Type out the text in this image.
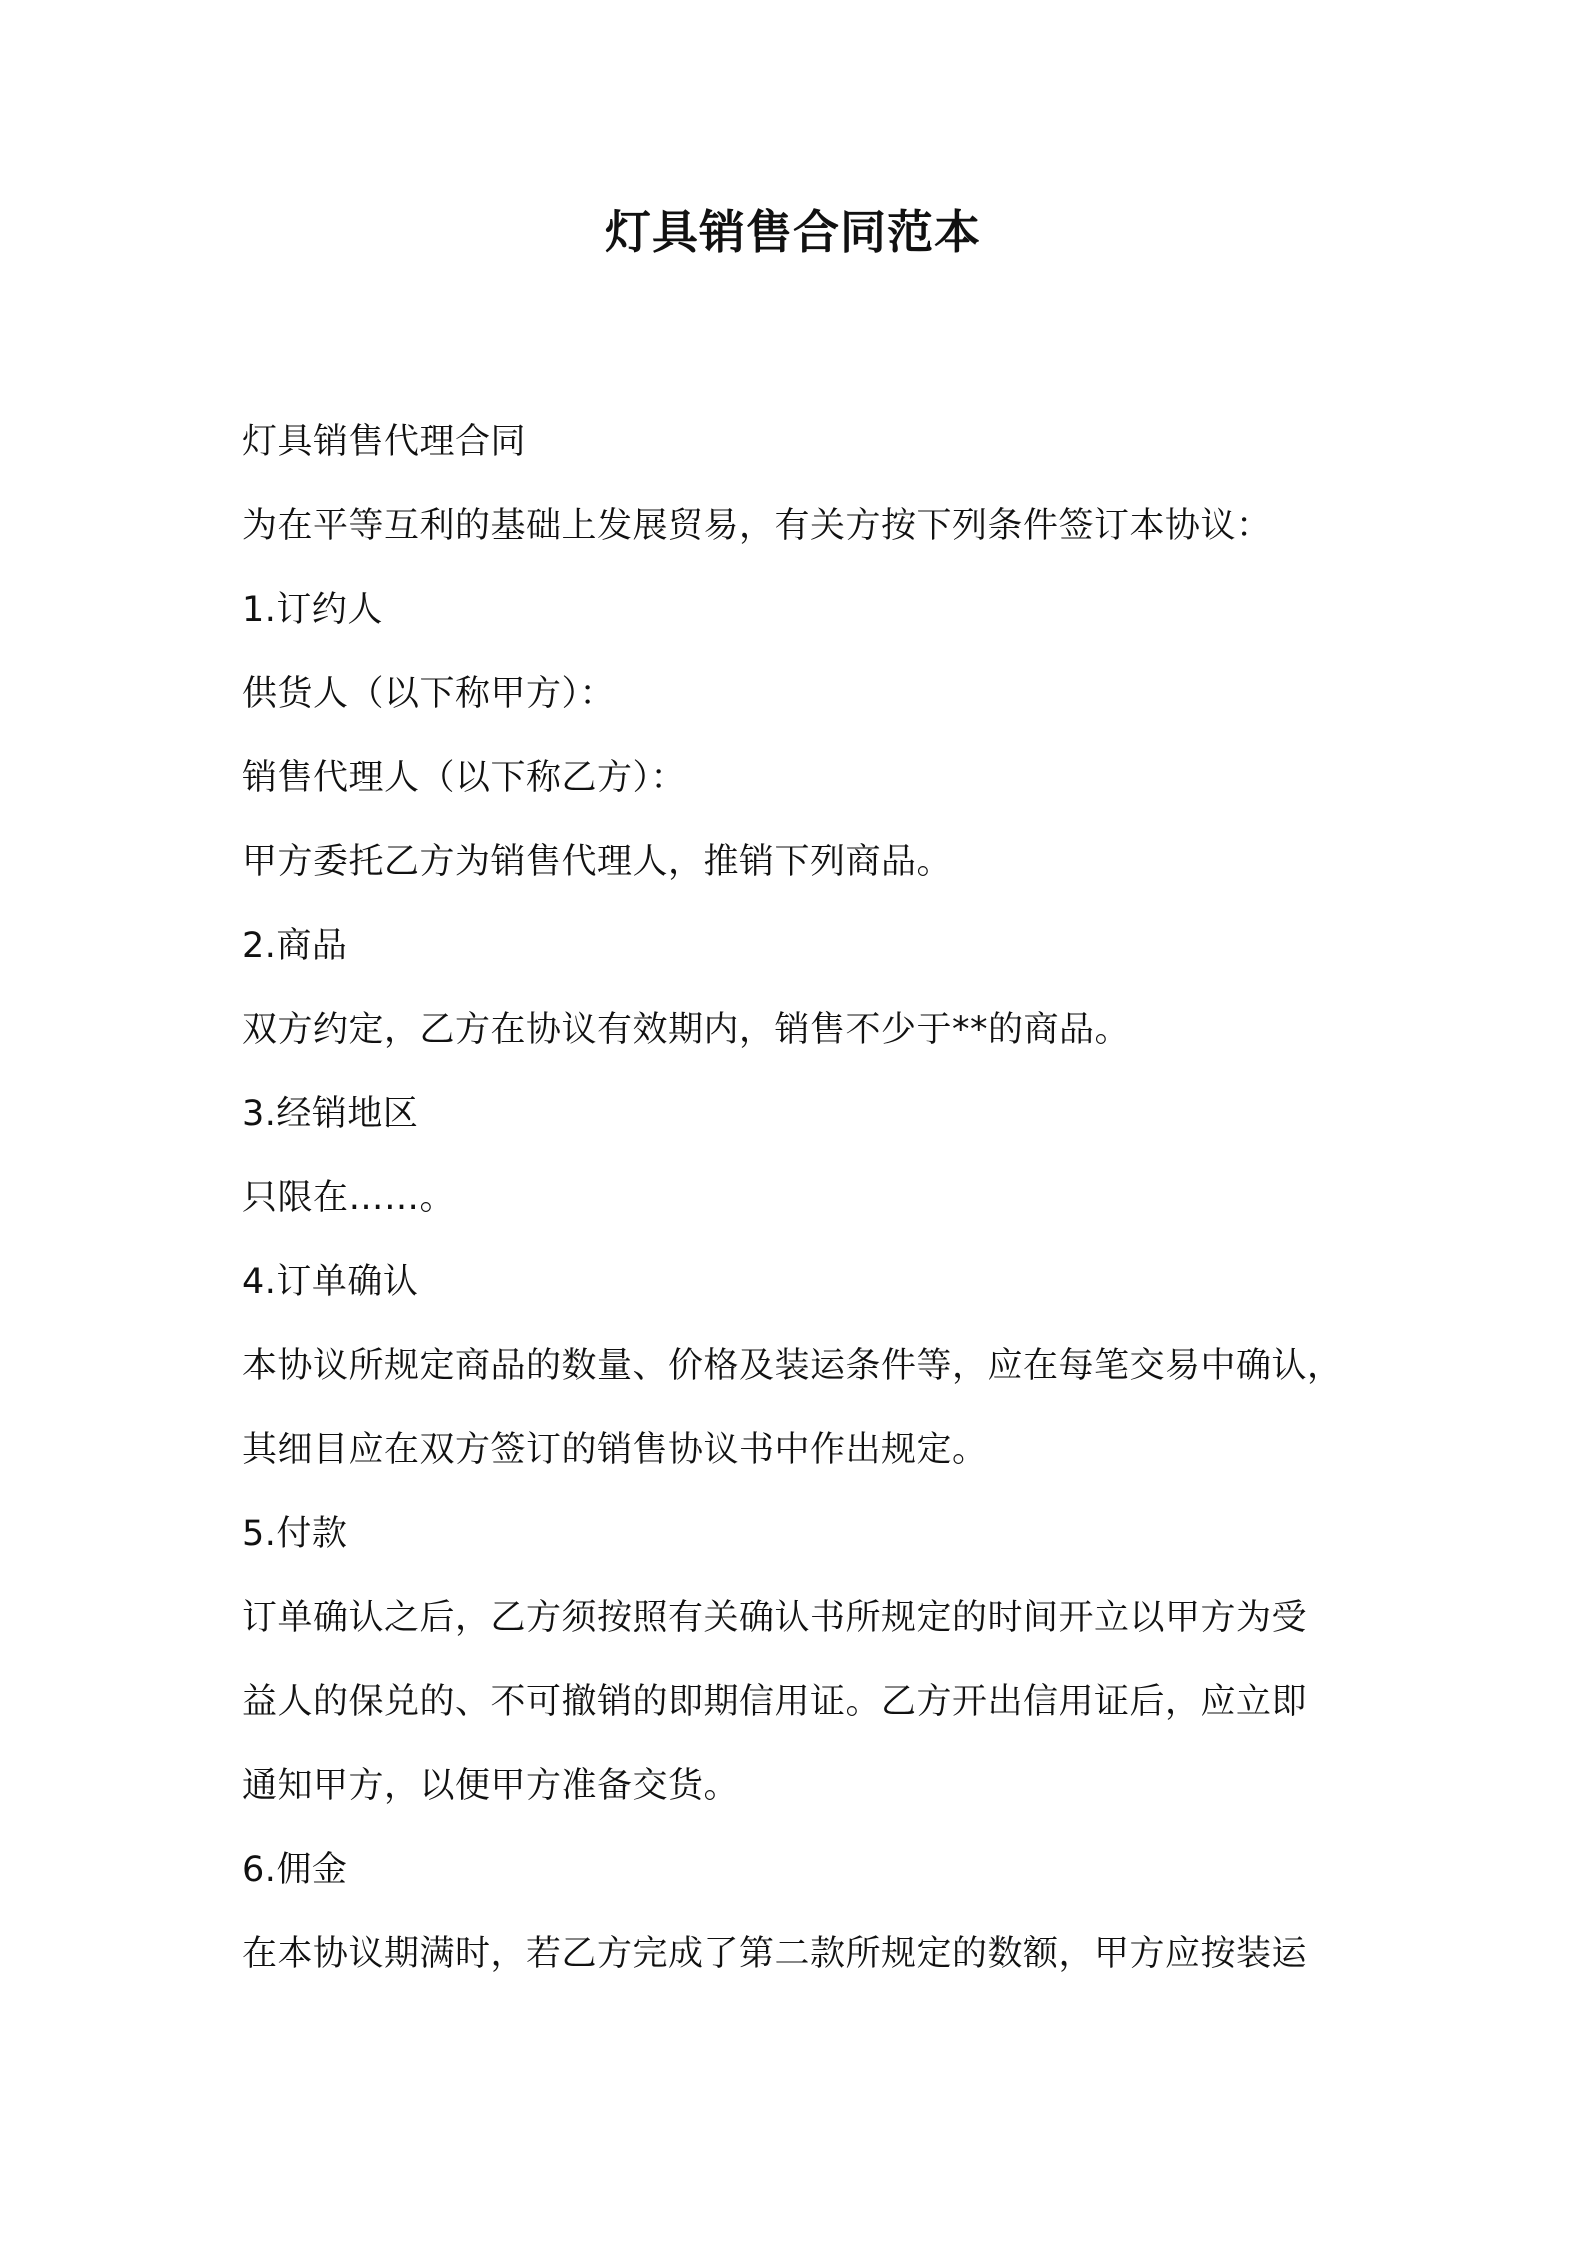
灯具销售合同范本

灯具销售代理合同

为在平等互利的基础上发展贸易，有关方按下列条件签订本协议：

1.订约人

供货人（以下称甲方）：

销售代理人（以下称乙方）：

甲方委托乙方为销售代理人，推销下列商品。

2.商品

双方约定，乙方在协议有效期内，销售不少于**的商品。

3.经销地区

只限在……。

4.订单确认

本协议所规定商品的数量、价格及装运条件等，应在每笔交易中确认，

其细目应在双方签订的销售协议书中作出规定。

5.付款

订单确认之后，乙方须按照有关确认书所规定的时间开立以甲方为受

益人的保兑的、不可撤销的即期信用证。乙方开出信用证后，应立即

通知甲方，以便甲方准备交货。

6.佣金

在本协议期满时，若乙方完成了第二款所规定的数额，甲方应按装运
